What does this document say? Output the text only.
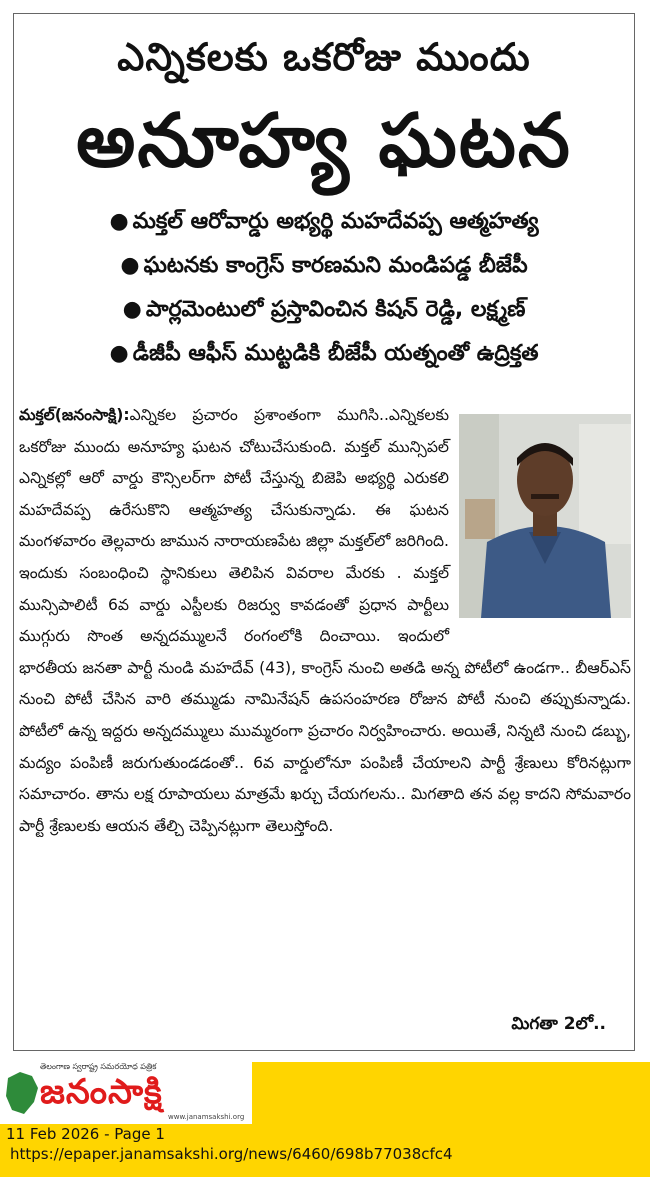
ఎన్నికలకు ఒకరోజు ముందు
అనూహ్య ఘటన
● మక్తల్ ఆరోవార్డు అభ్యర్థి మహదేవప్ప ఆత్మహత్య
● ఘటనకు కాంగ్రెస్ కారణమని మండిపడ్డ బీజేపీ
● పార్లమెంటులో ప్రస్తావించిన కిషన్ రెడ్డి, లక్ష్మణ్
● డీజీపీ ఆఫీస్ ముట్టడికి బీజేపీ యత్నంతో ఉద్రిక్తత
మక్తల్(జనంసాక్షి):ఎన్నికల ప్రచారం ప్రశాంతంగా ముగిసి..ఎన్నికలకు ఒకరోజు ముందు అనూహ్య ఘటన చోటుచేసుకుంది. మక్తల్ మున్సిపల్ ఎన్నికల్లో ఆరో వార్డు కౌన్సిలర్‌గా పోటీ చేస్తున్న బిజెపి అభ్యర్థి ఎరుకలి మహదేవప్ప ఉరేసుకొని ఆత్మహత్య చేసుకున్నాడు. ఈ ఘటన మంగళవారం తెల్లవారు జామున నారాయణపేట జిల్లా మక్తల్‌లో జరిగింది. ఇందుకు సంబంధించి స్థానికులు తెలిపిన వివరాల మేరకు . మక్తల్ మున్సిపాలిటీ 6వ వార్డు ఎస్టీలకు రిజర్వు కావడంతో ప్రధాన పార్టీలు ముగ్గురు సొంత అన్నదమ్ములనే రంగంలోకి దించాయి. ఇందులో భారతీయ జనతా పార్టీ నుండి మహదేవ్ (43), కాంగ్రెస్ నుంచి అతడి అన్న పోటీలో ఉండగా.. బీఆర్ఎస్ నుంచి పోటీ చేసిన వారి తమ్ముడు నామినేషన్ ఉపసంహరణ రోజున పోటీ నుంచి తప్పుకున్నాడు. పోటీలో ఉన్న ఇద్దరు అన్నదమ్ములు ముమ్మరంగా ప్రచారం నిర్వహించారు. అయితే, నిన్నటి నుంచి డబ్బు, మద్యం పంపిణీ జరుగుతుండడంతో.. 6వ వార్డులోనూ పంపిణీ చేయాలని పార్టీ శ్రేణులు కోరినట్లుగా సమాచారం. తాను లక్ష రూపాయలు మాత్రమే ఖర్చు చేయగలను.. మిగతాది తన వల్ల కాదని సోమవారం పార్టీ శ్రేణులకు ఆయన తేల్చి చెప్పినట్లుగా తెలుస్తోంది.
మిగతా 2లో..
తెలంగాణ స్వరాష్ట్ర సమరయోధ పత్రిక
జనంసాక్షి
www.janamsakshi.org
11 Feb 2026 - Page 1
https://epaper.janamsakshi.org/news/6460/698b77038cfc4
